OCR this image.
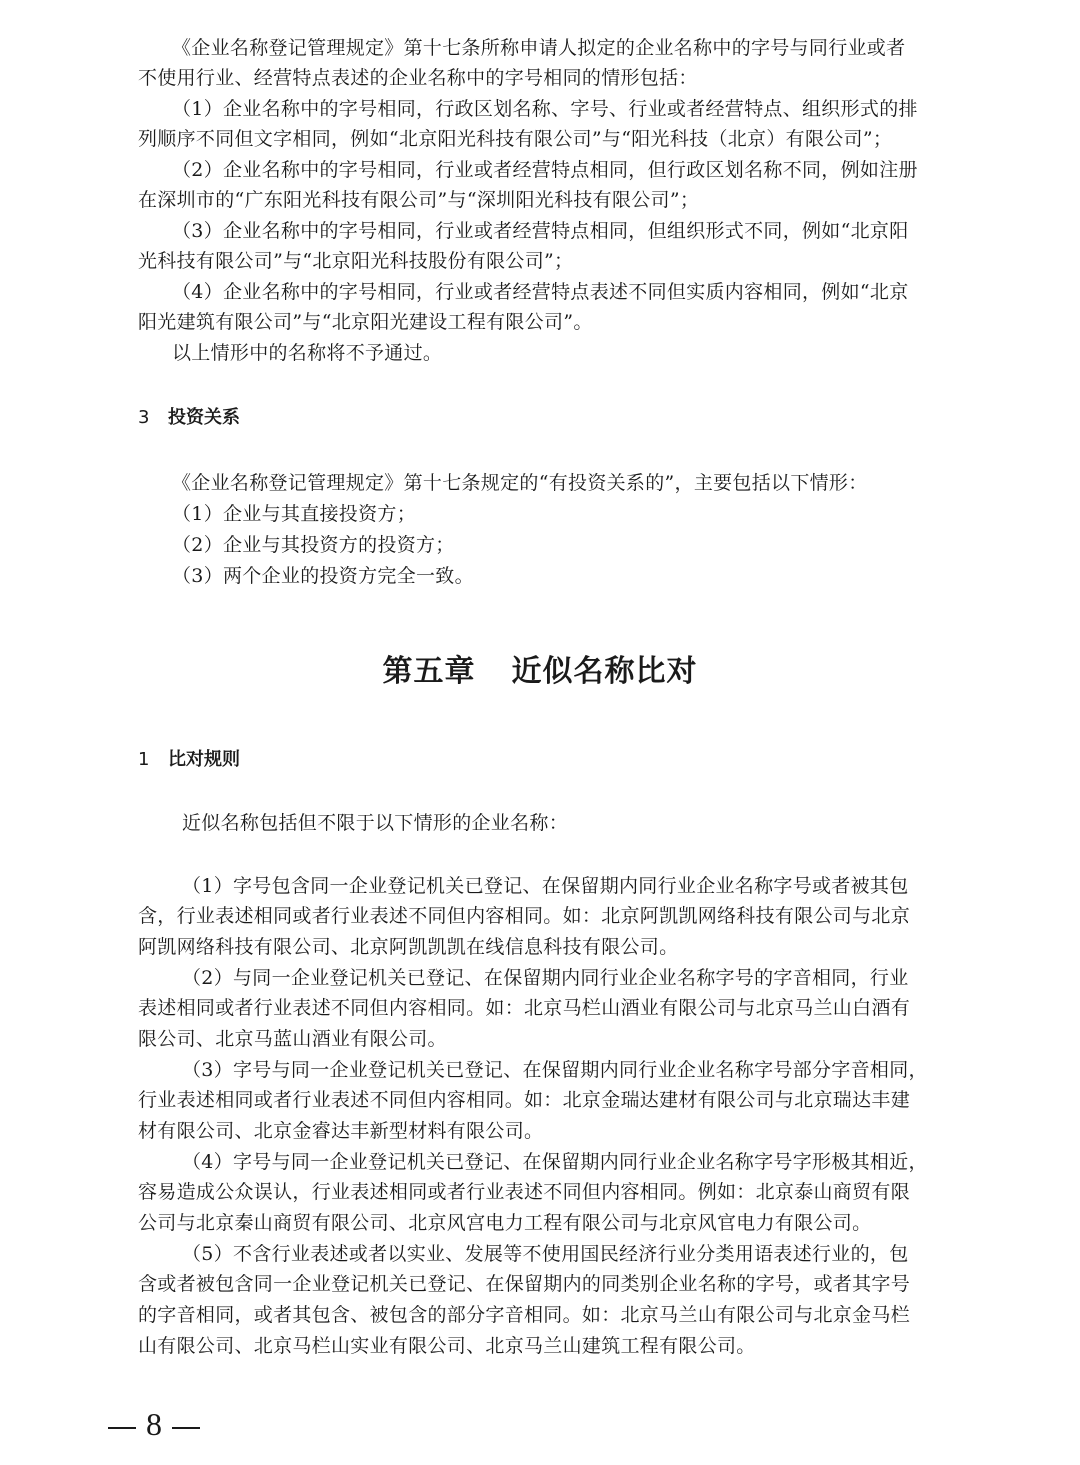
《企业名称登记管理规定》第十七条所称申请人拟定的企业名称中的字号与同行业或者
不使用行业、经营特点表述的企业名称中的字号相同的情形包括：
（1）企业名称中的字号相同，行政区划名称、字号、行业或者经营特点、组织形式的排
列顺序不同但文字相同，例如“北京阳光科技有限公司”与“阳光科技（北京）有限公司”；
（2）企业名称中的字号相同，行业或者经营特点相同，但行政区划名称不同，例如注册
在深圳市的“广东阳光科技有限公司”与“深圳阳光科技有限公司”；
（3）企业名称中的字号相同，行业或者经营特点相同，但组织形式不同，例如“北京阳
光科技有限公司”与“北京阳光科技股份有限公司”；
（4）企业名称中的字号相同，行业或者经营特点表述不同但实质内容相同，例如“北京
阳光建筑有限公司”与“北京阳光建设工程有限公司”。
以上情形中的名称将不予通过。
3 投资关系
《企业名称登记管理规定》第十七条规定的“有投资关系的”，主要包括以下情形：
（1）企业与其直接投资方；
（2）企业与其投资方的投资方；
（3）两个企业的投资方完全一致。
第五章 近似名称比对
1 比对规则
近似名称包括但不限于以下情形的企业名称：
（1）字号包含同一企业登记机关已登记、在保留期内同行业企业名称字号或者被其包
含，行业表述相同或者行业表述不同但内容相同。如：北京阿凯凯网络科技有限公司与北京
阿凯网络科技有限公司、北京阿凯凯凯在线信息科技有限公司。
（2）与同一企业登记机关已登记、在保留期内同行业企业名称字号的字音相同，行业
表述相同或者行业表述不同但内容相同。如：北京马栏山酒业有限公司与北京马兰山白酒有
限公司、北京马蓝山酒业有限公司。
（3）字号与同一企业登记机关已登记、在保留期内同行业企业名称字号部分字音相同，
行业表述相同或者行业表述不同但内容相同。如：北京金瑞达建材有限公司与北京瑞达丰建
材有限公司、北京金睿达丰新型材料有限公司。
（4）字号与同一企业登记机关已登记、在保留期内同行业企业名称字号字形极其相近，
容易造成公众误认，行业表述相同或者行业表述不同但内容相同。例如：北京泰山商贸有限
公司与北京秦山商贸有限公司、北京风宫电力工程有限公司与北京风官电力有限公司。
（5）不含行业表述或者以实业、发展等不使用国民经济行业分类用语表述行业的，包
含或者被包含同一企业登记机关已登记、在保留期内的同类别企业名称的字号，或者其字号
的字音相同，或者其包含、被包含的部分字音相同。如：北京马兰山有限公司与北京金马栏
山有限公司、北京马栏山实业有限公司、北京马兰山建筑工程有限公司。
8
